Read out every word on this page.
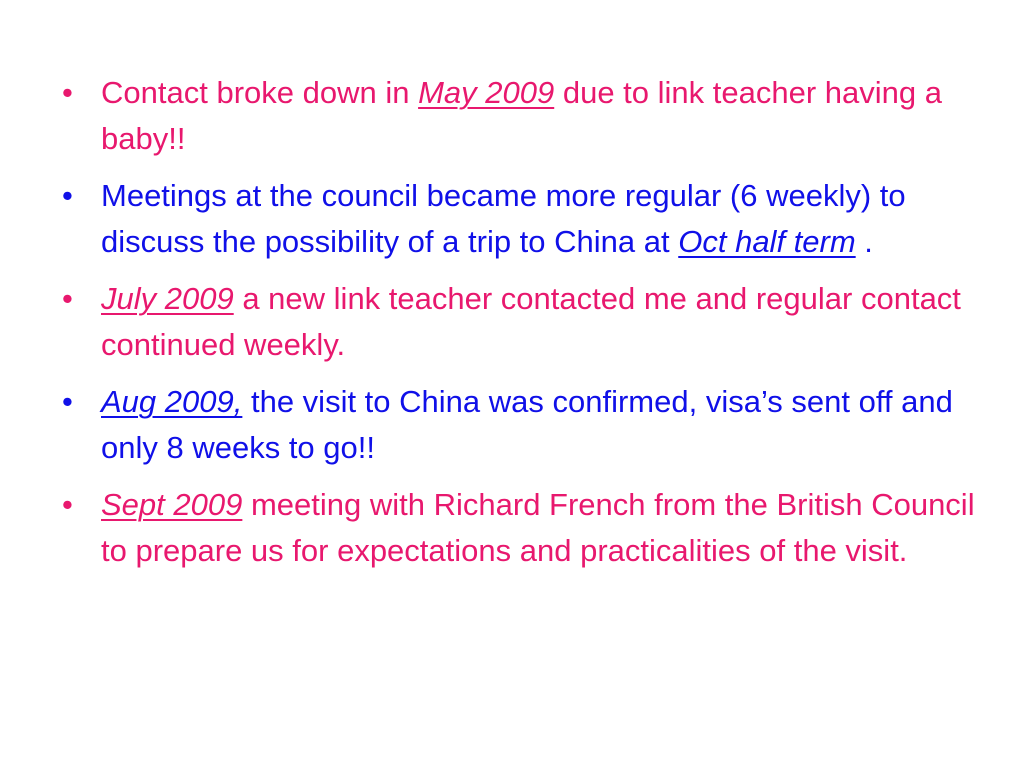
• Contact broke down in May 2009 due to link teacher having a baby!!
• Meetings at the council became more regular (6 weekly) to discuss the possibility of a trip to China at Oct half term .
• July 2009 a new link teacher contacted me and regular contact continued weekly.
• Aug 2009, the visit to China was confirmed, visa’s sent off and only 8 weeks to go!!
• Sept 2009 meeting with Richard French from the British Council to prepare us for expectations and practicalities of the visit.
